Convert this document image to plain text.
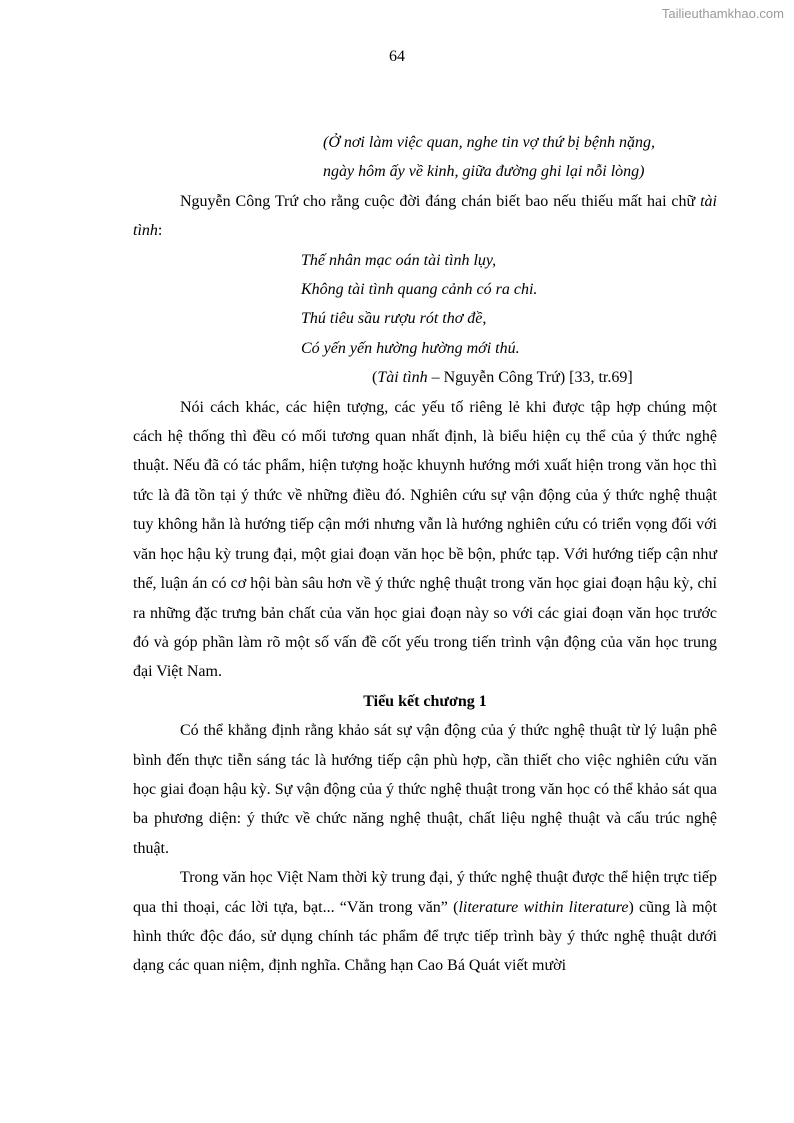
Tailieuthamkhao.com
64
(Ở nơi làm việc quan, nghe tin vợ thứ bị bệnh nặng,
ngày hôm ấy về kinh, giữa đường ghi lại nỗi lòng)

Nguyễn Công Trứ cho rằng cuộc đời đáng chán biết bao nếu thiếu mất hai chữ tài tình:

Thế nhân mạc oán tài tình lụy,
Không tài tình quang cảnh có ra chi.
Thú tiêu sầu rượu rót thơ đề,
Có yến yến hường hường mới thú.
(Tài tình – Nguyễn Công Trứ) [33, tr.69]

Nói cách khác, các hiện tượng, các yếu tố riêng lẻ khi được tập hợp chúng một cách hệ thống thì đều có mối tương quan nhất định, là biểu hiện cụ thể của ý thức nghệ thuật. Nếu đã có tác phẩm, hiện tượng hoặc khuynh hướng mới xuất hiện trong văn học thì tức là đã tồn tại ý thức về những điều đó. Nghiên cứu sự vận động của ý thức nghệ thuật tuy không hẳn là hướng tiếp cận mới nhưng vẫn là hướng nghiên cứu có triển vọng đối với văn học hậu kỳ trung đại, một giai đoạn văn học bề bộn, phức tạp. Với hướng tiếp cận như thế, luận án có cơ hội bàn sâu hơn về ý thức nghệ thuật trong văn học giai đoạn hậu kỳ, chỉ ra những đặc trưng bản chất của văn học giai đoạn này so với các giai đoạn văn học trước đó và góp phần làm rõ một số vấn đề cốt yếu trong tiến trình vận động của văn học trung đại Việt Nam.

Tiểu kết chương 1

Có thể khẳng định rằng khảo sát sự vận động của ý thức nghệ thuật từ lý luận phê bình đến thực tiễn sáng tác là hướng tiếp cận phù hợp, cần thiết cho việc nghiên cứu văn học giai đoạn hậu kỳ. Sự vận động của ý thức nghệ thuật trong văn học có thể khảo sát qua ba phương diện: ý thức về chức năng nghệ thuật, chất liệu nghệ thuật và cấu trúc nghệ thuật.

Trong văn học Việt Nam thời kỳ trung đại, ý thức nghệ thuật được thể hiện trực tiếp qua thi thoại, các lời tựa, bạt... “Văn trong văn” (literature within literature) cũng là một hình thức độc đáo, sử dụng chính tác phẩm để trực tiếp trình bày ý thức nghệ thuật dưới dạng các quan niệm, định nghĩa. Chẳng hạn Cao Bá Quát viết mười
